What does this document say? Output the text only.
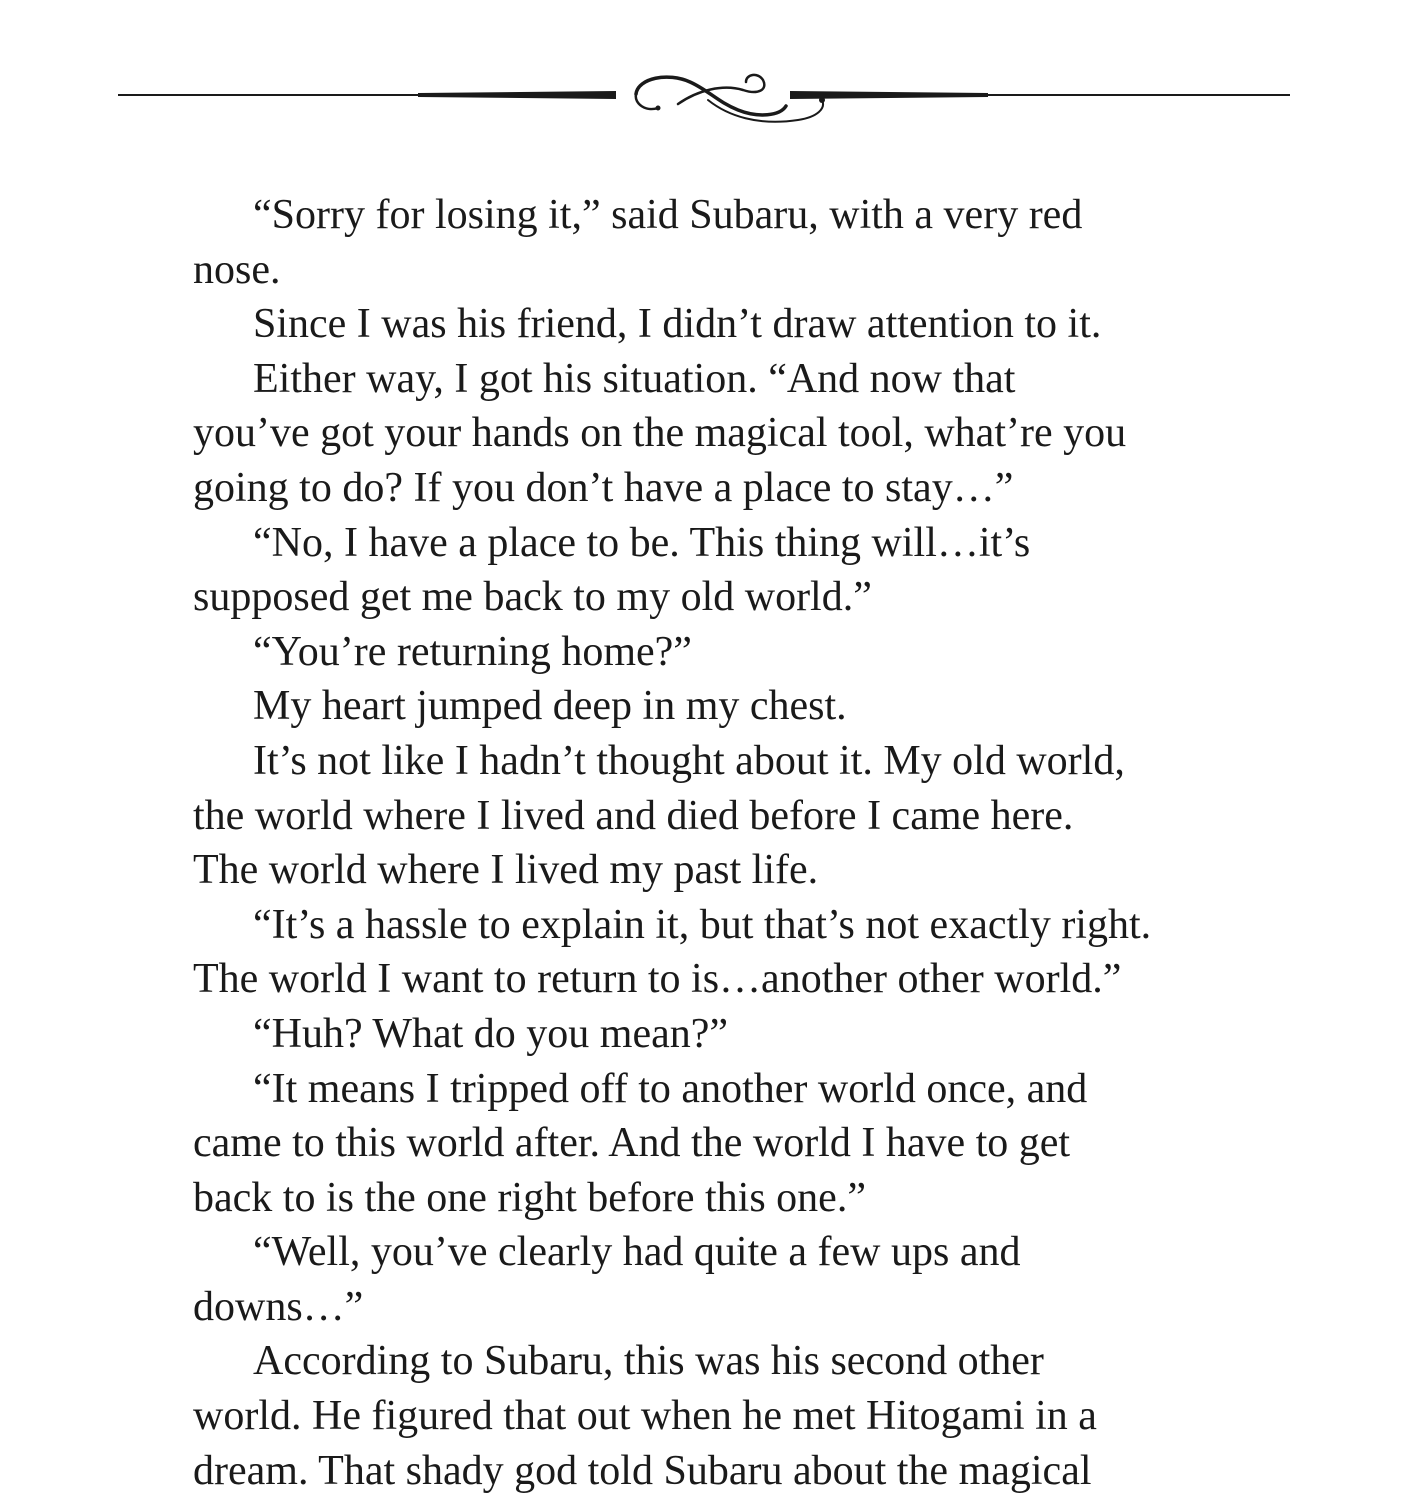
“Sorry for losing it,” said Subaru, with a very red
nose.
Since I was his friend, I didn’t draw attention to it.
Either way, I got his situation. “And now that
you’ve got your hands on the magical tool, what’re you
going to do? If you don’t have a place to stay…”
“No, I have a place to be. This thing will…it’s
supposed get me back to my old world.”
“You’re returning home?”
My heart jumped deep in my chest.
It’s not like I hadn’t thought about it. My old world,
the world where I lived and died before I came here.
The world where I lived my past life.
“It’s a hassle to explain it, but that’s not exactly right.
The world I want to return to is…another other world.”
“Huh? What do you mean?”
“It means I tripped off to another world once, and
came to this world after. And the world I have to get
back to is the one right before this one.”
“Well, you’ve clearly had quite a few ups and
downs…”
According to Subaru, this was his second other
world. He figured that out when he met Hitogami in a
dream. That shady god told Subaru about the magical
